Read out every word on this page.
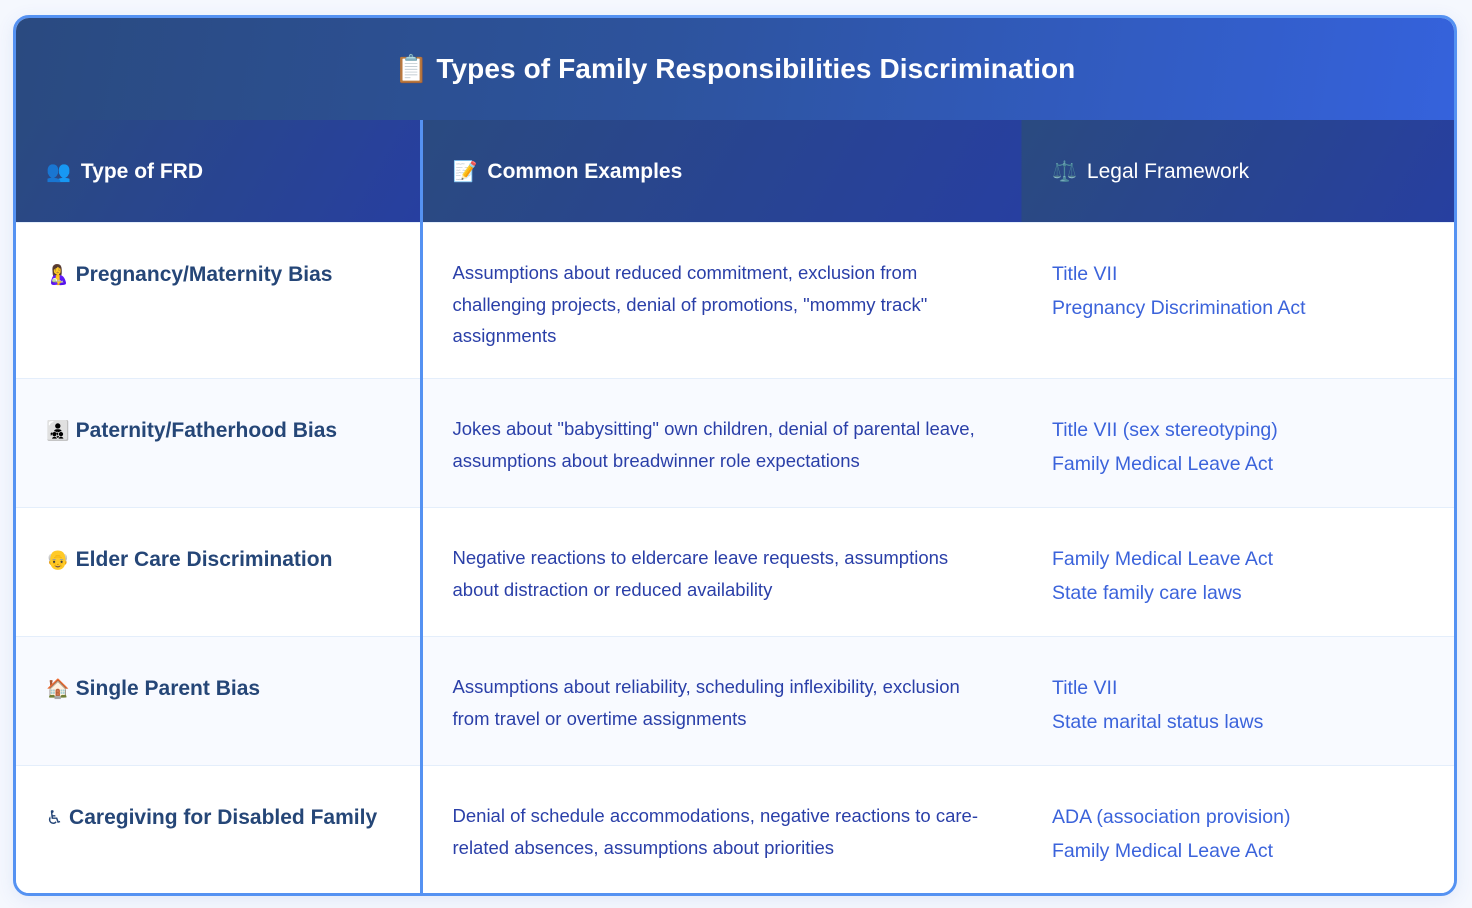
📋 Types of Family Responsibilities Discrimination
👥 Type of FRD	📝 Common Examples	⚖️ Legal Framework
🤱 Pregnancy/Maternity Bias	Assumptions about reduced commitment, exclusion from challenging projects, denial of promotions, "mommy track" assignments	Title VII
Pregnancy Discrimination Act

👨‍👧‍👦 Paternity/Fatherhood Bias	Jokes about "babysitting" own children, denial of parental leave, assumptions about breadwinner role expectations	Title VII (sex stereotyping)
Family Medical Leave Act

👴 Elder Care Discrimination	Negative reactions to eldercare leave requests, assumptions about distraction or reduced availability	Family Medical Leave Act
State family care laws

🏠 Single Parent Bias	Assumptions about reliability, scheduling inflexibility, exclusion from travel or overtime assignments	Title VII
State marital status laws

♿ Caregiving for Disabled Family	Denial of schedule accommodations, negative reactions to care-related absences, assumptions about priorities	ADA (association provision)
Family Medical Leave Act
